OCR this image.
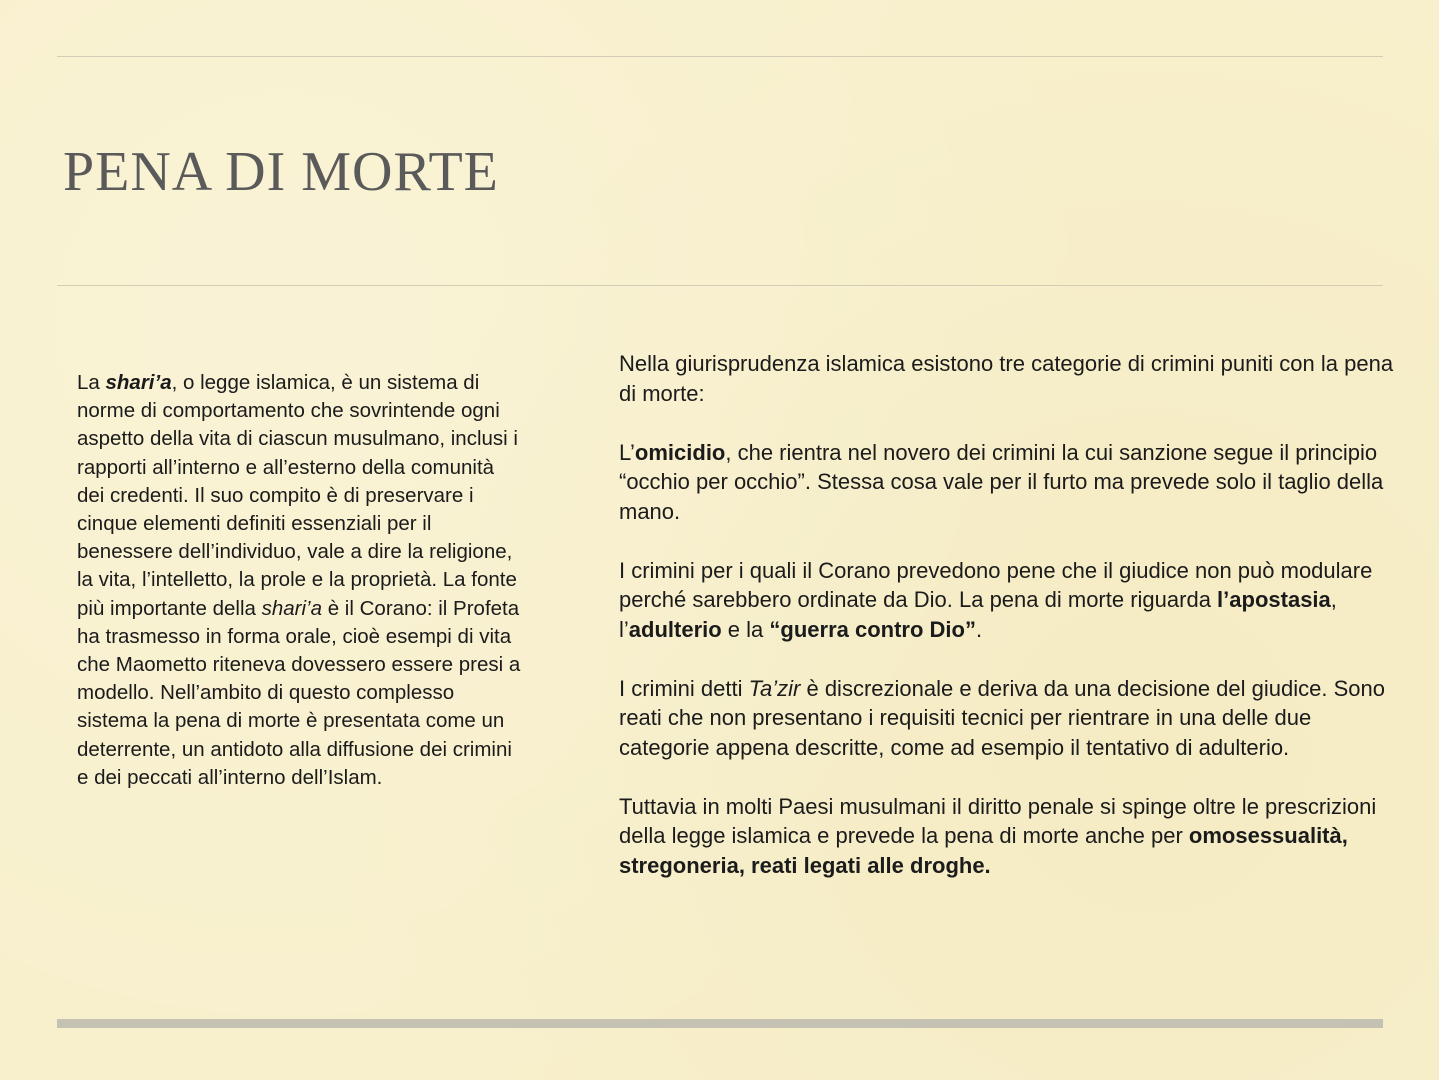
PENA DI MORTE

La shari’a, o legge islamica, è un sistema di norme di comportamento che sovrintende ogni aspetto della vita di ciascun musulmano, inclusi i rapporti all’interno e all’esterno della comunità dei credenti. Il suo compito è di preservare i cinque elementi definiti essenziali per il benessere dell’individuo, vale a dire la religione, la vita, l’intelletto, la prole e la proprietà. La fonte più importante della shari’a è il Corano: il Profeta ha trasmesso in forma orale, cioè esempi di vita che Maometto riteneva dovessero essere presi a modello. Nell’ambito di questo complesso sistema la pena di morte è presentata come un deterrente, un antidoto alla diffusione dei crimini e dei peccati all’interno dell’Islam.

Nella giurisprudenza islamica esistono tre categorie di crimini puniti con la pena di morte:

L’omicidio, che rientra nel novero dei crimini la cui sanzione segue il principio “occhio per occhio”. Stessa cosa vale per il furto ma prevede solo il taglio della mano.

I crimini per i quali il Corano prevedono pene che il giudice non può modulare perché sarebbero ordinate da Dio. La pena di morte riguarda l’apostasia, l’adulterio e la “guerra contro Dio”.

I crimini detti Ta’zir è discrezionale e deriva da una decisione del giudice. Sono reati che non presentano i requisiti tecnici per rientrare in una delle due categorie appena descritte, come ad esempio il tentativo di adulterio.

Tuttavia in molti Paesi musulmani il diritto penale si spinge oltre le prescrizioni della legge islamica e prevede la pena di morte anche per omosessualità, stregoneria, reati legati alle droghe.
